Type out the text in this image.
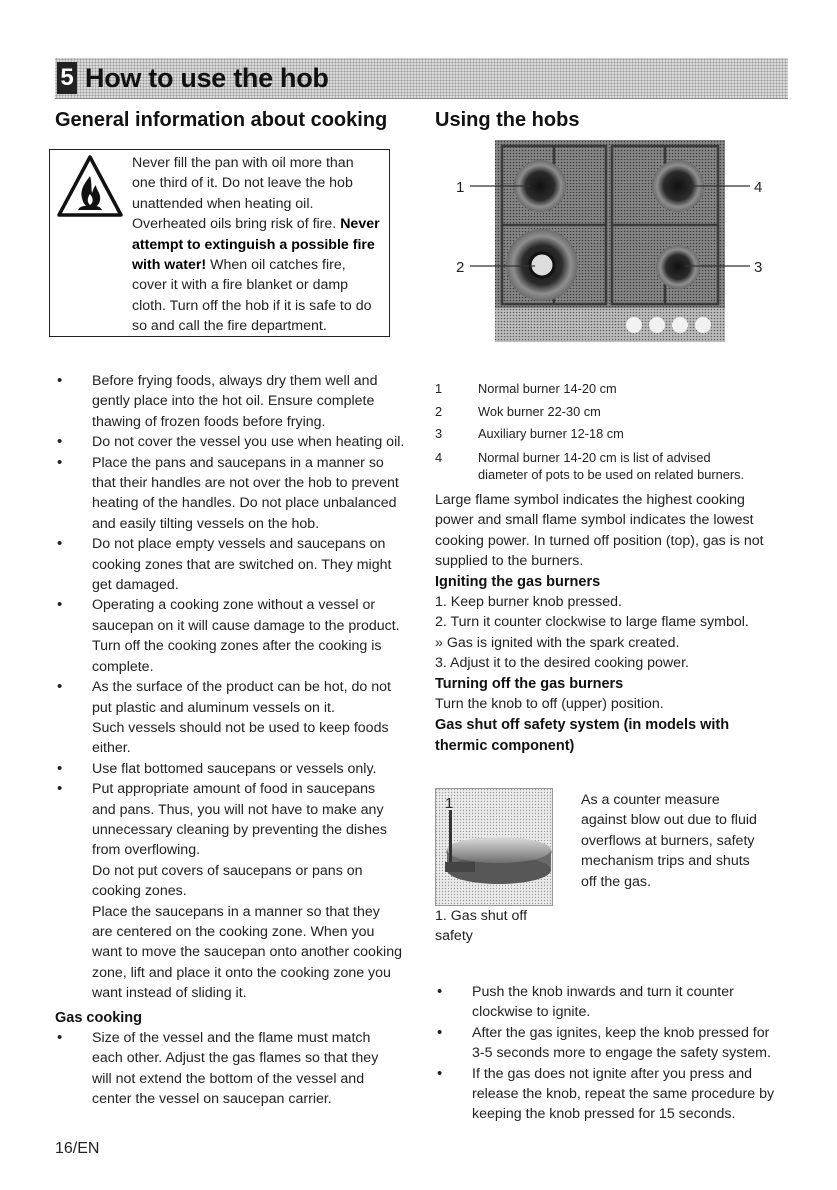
5 How to use the hob
General information about cooking
Never fill the pan with oil more than
one third of it. Do not leave the hob
unattended when heating oil.
Overheated oils bring risk of fire. Never
attempt to extinguish a possible fire
with water! When oil catches fire,
cover it with a fire blanket or damp
cloth. Turn off the hob if it is safe to do
so and call the fire department.
• Before frying foods, always dry them well and
gently place into the hot oil. Ensure complete
thawing of frozen foods before frying.
• Do not cover the vessel you use when heating oil.
• Place the pans and saucepans in a manner so
that their handles are not over the hob to prevent
heating of the handles. Do not place unbalanced
and easily tilting vessels on the hob.
• Do not place empty vessels and saucepans on
cooking zones that are switched on. They might
get damaged.
• Operating a cooking zone without a vessel or
saucepan on it will cause damage to the product.
Turn off the cooking zones after the cooking is
complete.
• As the surface of the product can be hot, do not
put plastic and aluminum vessels on it.
Such vessels should not be used to keep foods
either.
• Use flat bottomed saucepans or vessels only.
• Put appropriate amount of food in saucepans
and pans. Thus, you will not have to make any
unnecessary cleaning by preventing the dishes
from overflowing.
Do not put covers of saucepans or pans on
cooking zones.
Place the saucepans in a manner so that they
are centered on the cooking zone. When you
want to move the saucepan onto another cooking
zone, lift and place it onto the cooking zone you
want instead of sliding it.
Gas cooking
• Size of the vessel and the flame must match
each other. Adjust the gas flames so that they
will not extend the bottom of the vessel and
center the vessel on saucepan carrier.
Using the hobs
1
2
4
3
1	Normal burner 14-20 cm
2	Wok burner 22-30 cm
3	Auxiliary burner 12-18 cm
4	Normal burner 14-20 cm is list of advised
diameter of pots to be used on related burners.
Large flame symbol indicates the highest cooking
power and small flame symbol indicates the lowest
cooking power. In turned off position (top), gas is not
supplied to the burners.
Igniting the gas burners
1. Keep burner knob pressed.
2. Turn it counter clockwise to large flame symbol.
» Gas is ignited with the spark created.
3. Adjust it to the desired cooking power.
Turning off the gas burners

Turn the knob to off (upper) position.

Gas shut off safety system (in models with
thermic component)
1
1. Gas shut off
safety
As a counter measure
against blow out due to fluid
overflows at burners, safety
mechanism trips and shuts
off the gas.
• Push the knob inwards and turn it counter
clockwise to ignite.
• After the gas ignites, keep the knob pressed for
3-5 seconds more to engage the safety system.
• If the gas does not ignite after you press and
release the knob, repeat the same procedure by
keeping the knob pressed for 15 seconds.
16/EN
